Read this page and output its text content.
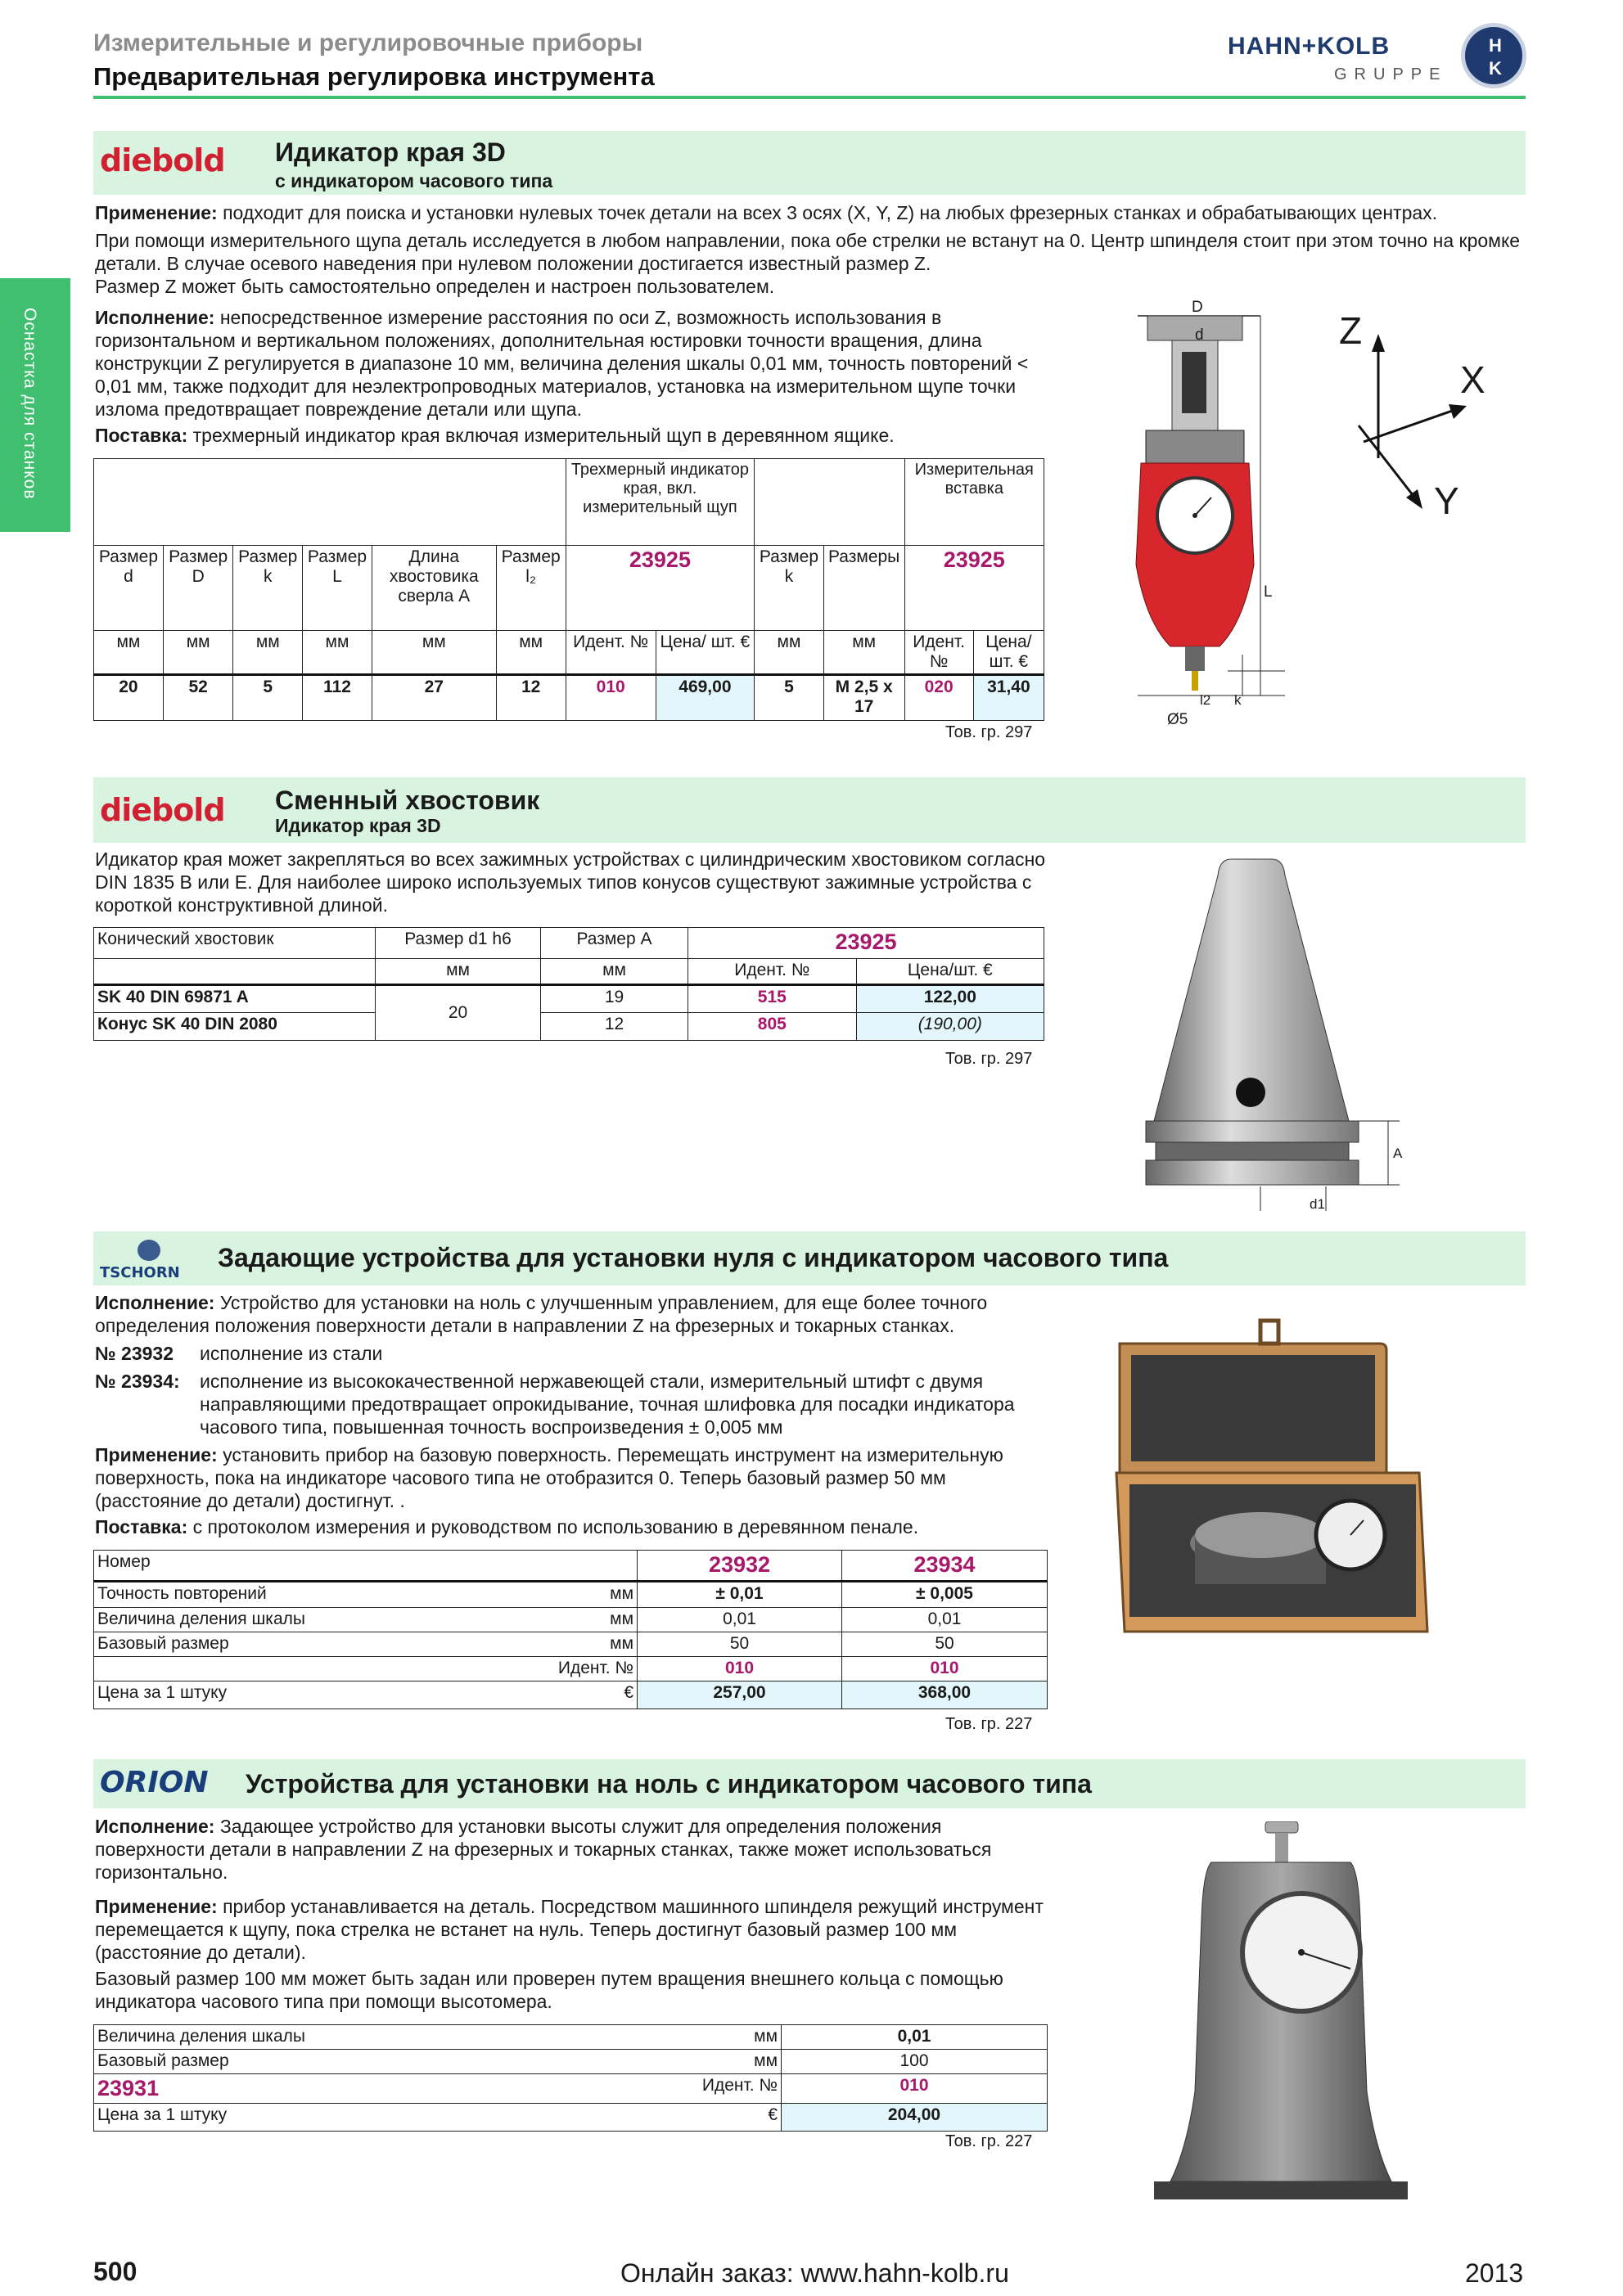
Измерительные и регулировочные приборы
Предварительная регулировка инструмента
HAHN+KOLB
GRUPPE
H
K
Оснастка для станков
diebold Идикатор края 3D
с индикатором часового типа
Применение: подходит для поиска и установки нулевых точек детали на всех 3 осях (X, Y, Z) на любых фрезерных станках и обрабатывающих центрах.
При помощи измерительного щупа деталь исследуется в любом направлении, пока обе стрелки не встанут на 0. Центр шпинделя стоит при этом точно на кромке детали. В случае осевого наведения при нулевом положении достигается известный размер Z.
Размер Z может быть самостоятельно определен и настроен пользователем.
Исполнение: непосредственное измерение расстояния по оси Z, возможность использования в горизонтальном и вертикальном положениях, дополнительная юстировки точности вращения, длина конструкции Z регулируется в диапазоне 10 мм, величина деления шкалы 0,01 мм, точность повторений < 0,01 мм, также подходит для неэлектропроводных материалов, установка на измерительном щупе точки излома предотвращает повреждение детали или щупа.
Поставка: трехмерный индикатор края включая измерительный щуп в деревянном ящике.
						Трехмерный индикатор края, вкл. измерительный щуп				Измерительная вставка	
Размер d	Размер D	Размер k	Размер L	Длина хвостовика сверла A	Размер l₂	23925		Размер k	Размеры	23925	
мм	мм	мм	мм	мм	мм	Идент. №	Цена/ шт. €	мм	мм	Идент. №	Цена/ шт. €
20	52	5	112	27	12	010	469,00	5	M 2,5 x 17	020	31,40
Тов. гр. 297
D
d
L
l2 k
Ø5
Z
X
Y
diebold Сменный хвостовик
Идикатор края 3D
Идикатор края может закрепляться во всех зажимных устройствах с цилиндрическим хвостовиком согласно DIN 1835 B или E. Для наиболее широко используемых типов конусов существуют зажимные устройства с короткой конструктивной длиной.
Конический хвостовик	Размер d1 h6	Размер A	23925	
	мм	мм	Идент. №	Цена/шт. €
SK 40 DIN 69871 A	20	19	515	122,00
Конус SK 40 DIN 2080		12	805	(190,00)
Тов. гр. 297
A
d1
TSCHORN
Задающие устройства для установки нуля с индикатором часового типа
Исполнение: Устройство для установки на ноль с улучшенным управлением, для еще более точного определения положения поверхности детали в направлении Z на фрезерных и токарных станках.
№ 23932 исполнение из стали
№ 23934: исполнение из высококачественной нержавеющей стали, измерительный штифт с двумя направляющими предотвращает опрокидывание, точная шлифовка для посадки индикатора часового типа, повышенная точность воспроизведения ± 0,005 мм
Применение: установить прибор на базовую поверхность. Перемещать инструмент на измерительную поверхность, пока на индикаторе часового типа не отобразится 0. Теперь базовый размер 50 мм (расстояние до детали) достигнут. .
Поставка: с протоколом измерения и руководством по использованию в деревянном пенале.
Номер		23932	23934
Точность повторений	мм	± 0,01	± 0,005
Величина деления шкалы	мм	0,01	0,01
Базовый размер	мм	50	50
	Идент. №	010	010
Цена за 1 штуку	€	257,00	368,00
Тов. гр. 227
ORION Устройства для установки на ноль с индикатором часового типа
Исполнение: Задающее устройство для установки высоты служит для определения положения поверхности детали в направлении Z на фрезерных и токарных станках, также может использоваться горизонтально.
Применение: прибор устанавливается на деталь. Посредством машинного шпинделя режущий инструмент перемещается к щупу, пока стрелка не встанет на нуль. Теперь достигнут базовый размер 100 мм (расстояние до детали).
Базовый размер 100 мм может быть задан или проверен путем вращения внешнего кольца с помощью индикатора часового типа при помощи высотомера.
Величина деления шкалы	мм	0,01
Базовый размер	мм	100
23931	Идент. №	010
Цена за 1 штуку	€	204,00
Тов. гр. 227
500	Онлайн заказ: www.hahn-kolb.ru	2013
